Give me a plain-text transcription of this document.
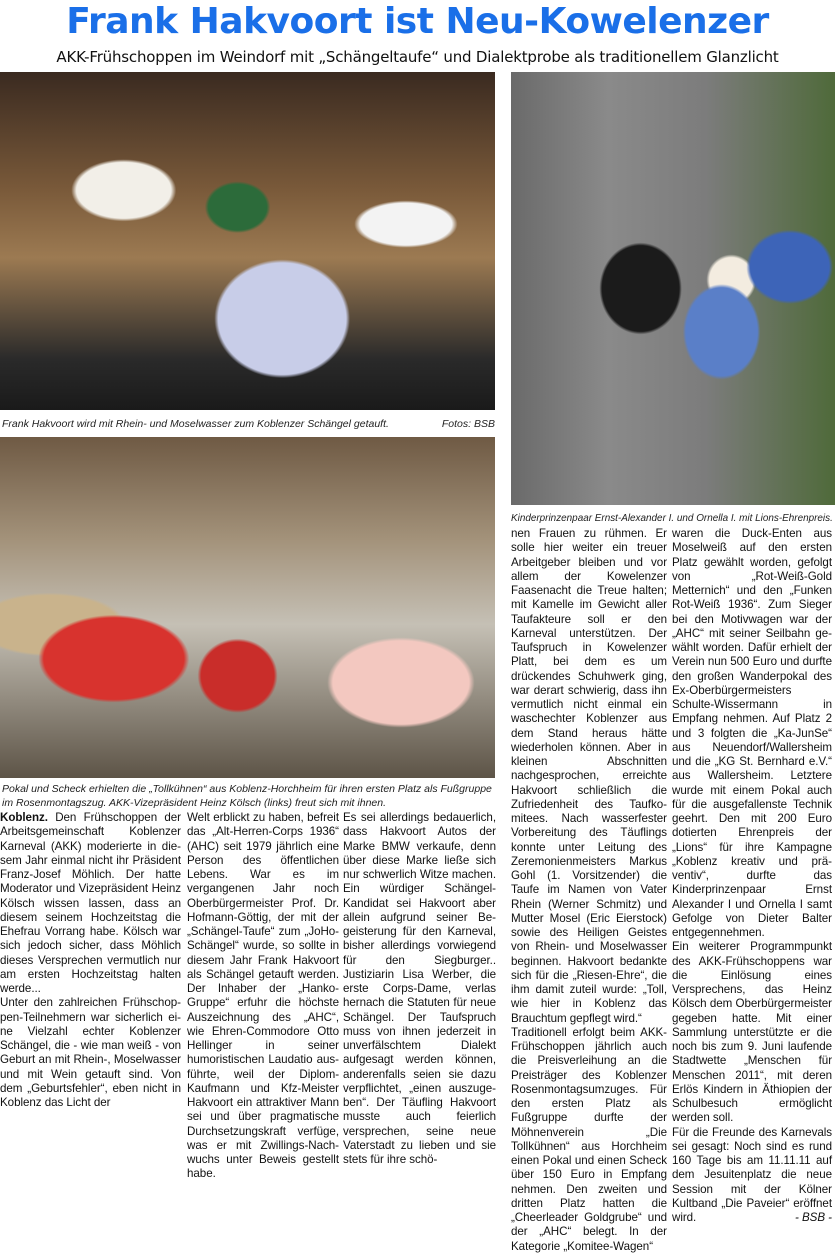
Frank Hakvoort ist Neu-Kowelenzer
AKK-Frühschoppen im Weindorf mit „Schängeltaufe“ und Dialektprobe als traditionellem Glanzlicht
Frank Hakvoort wird mit Rhein- und Moselwasser zum Koblenzer Schängel getauft.	Fotos: BSB
Kinderprinzenpaar Ernst-Alexander I. und Ornella I. mit Lions-Ehrenpreis.
Pokal und Scheck erhielten die „Tollkühnen“ aus Koblenz-Horchheim für ihren ersten Platz als Fußgruppe im Rosenmontagszug. AKK-Vizepräsident Heinz Kölsch (links) freut sich mit ihnen.

Koblenz. Den Frühschoppen der Arbeitsgemeinschaft Koblenzer Karneval (AKK) moderierte in diesem Jahr einmal nicht ihr Präsident Franz-Josef Möhlich. Der hatte Moderator und Vizepräsident Heinz Kölsch wissen lassen, dass an diesem seinem Hochzeitstag die Ehefrau Vorrang habe. Kölsch war sich jedoch sicher, dass Möhlich dieses Versprechen vermutlich nur am ersten Hochzeitstag halten werde...

Unter den zahlreichen Frühschoppen-Teilnehmern war sicherlich eine Vielzahl echter Koblenzer Schängel, die - wie man weiß - von Geburt an mit Rhein-, Moselwasser und mit Wein getauft sind. Von dem „Geburtsfehler“, eben nicht in Koblenz das Licht der

Welt erblickt zu haben, befreit das „Alt-Herren-Corps 1936“ (AHC) seit 1979 jährlich eine Person des öffentlichen Lebens. War es im vergangenen Jahr noch Oberbürgermeister Prof. Dr. Hofmann-Göttig, der mit der „Schängel-Taufe“ zum „JoHo-Schängel“ wurde, so sollte in diesem Jahr Frank Hakvoort als Schängel getauft werden. Der Inhaber der „Hanko-Gruppe“ erfuhr die höchste Auszeichnung des „AHC“, wie Ehren-Commodore Otto Hellinger in seiner humoristischen Laudatio ausführte, weil der Diplom-Kaufmann und Kfz-Meister Hakvoort ein attraktiver Mann sei und über pragmatische Durchsetzungskraft verfüge, was er mit Zwillings-Nachwuchs unter Beweis gestellt habe.

Es sei allerdings bedauerlich, dass Hakvoort Autos der Marke BMW verkaufe, denn über diese Marke ließe sich nur schwerlich Witze machen. Ein würdiger Schängel-Kandidat sei Hakvoort aber allein aufgrund seiner Begeisterung für den Karneval, bisher allerdings vorwiegend für den Siegburger.. Justiziarin Lisa Werber, die erste Corps-Dame, verlas hernach die Statuten für neue Schängel. Der Taufspruch muss von ihnen jederzeit in unverfälschtem Dialekt aufgesagt werden können, anderenfalls seien sie dazu verpflichtet, „einen auszugeben“. Der Täufling Hakvoort musste auch feierlich versprechen, seine neue Vaterstadt zu lieben und sie stets für ihre schö-

nen Frauen zu rühmen. Er solle hier weiter ein treuer Arbeitgeber bleiben und vor allem der Kowelenzer Faasenacht die Treue halten; mit Kamelle im Gewicht aller Taufakteure soll er den Karneval unterstützen. Der Taufspruch in Kowelenzer Platt, bei dem es um drückendes Schuhwerk ging, war derart schwierig, dass ihn vermutlich nicht einmal ein waschechter Koblenzer aus dem Stand heraus hätte wiederholen können. Aber in kleinen Abschnitten nachgesprochen, erreichte Hakvoort schließlich die Zufriedenheit des Taufkomitees. Nach wasserfester Vorbereitung des Täuflings konnte unter Leitung des Zeremonienmeisters Markus Gohl (1. Vorsitzender) die Taufe im Namen von Vater Rhein (Werner Schmitz) und Mutter Mosel (Eric Eierstock) sowie des Heiligen Geistes von Rhein- und Moselwasser beginnen. Hakvoort bedankte sich für die „Riesen-Ehre“, die ihm damit zuteil wurde: „Toll, wie hier in Koblenz das Brauchtum gepflegt wird.“

Traditionell erfolgt beim AKK-Frühschoppen jährlich auch die Preisverleihung an die Preisträger des Koblenzer Rosenmontagsumzuges. Für den ersten Platz als Fußgruppe durfte der Möhnenverein „Die Tollkühnen“ aus Horchheim einen Pokal und einen Scheck über 150 Euro in Empfang nehmen. Den zweiten und dritten Platz hatten die „Cheerleader Goldgrube“ und der „AHC“ belegt. In der Kategorie „Komitee-Wagen“

waren die Duck-Enten aus Moselweiß auf den ersten Platz gewählt worden, gefolgt von „Rot-Weiß-Gold Metternich“ und den „Funken Rot-Weiß 1936“. Zum Sieger bei den Motivwagen war der „AHC“ mit seiner Seilbahn gewählt worden. Dafür erhielt der Verein nun 500 Euro und durfte den großen Wanderpokal des Ex-Oberbürgermeisters Schulte-Wissermann in Empfang nehmen. Auf Platz 2 und 3 folgten die „Ka-JunSe“ aus Neuendorf/Wallersheim und die „KG St. Bernhard e.V.“ aus Wallersheim. Letztere wurde mit einem Pokal auch für die ausgefallenste Technik geehrt. Den mit 200 Euro dotierten Ehrenpreis der „Lions“ für ihre Kampagne „Koblenz kreativ und präventiv“, durfte das Kinderprinzenpaar Ernst Alexander I und Ornella I samt Gefolge von Dieter Balter entgegennehmen.

Ein weiterer Programmpunkt des AKK-Frühschoppens war die Einlösung eines Versprechens, das Heinz Kölsch dem Oberbürgermeister gegeben hatte. Mit einer Sammlung unterstützte er die noch bis zum 9. Juni laufende Stadtwette „Menschen für Menschen 2011“, mit deren Erlös Kindern in Äthiopien der Schulbesuch ermöglicht werden soll.

Für die Freunde des Karnevals sei gesagt: Noch sind es rund 160 Tage bis am 11.11.11 auf dem Jesuitenplatz die neue Session mit der Kölner Kultband „Die Paveier“ eröffnet wird.	- BSB -
